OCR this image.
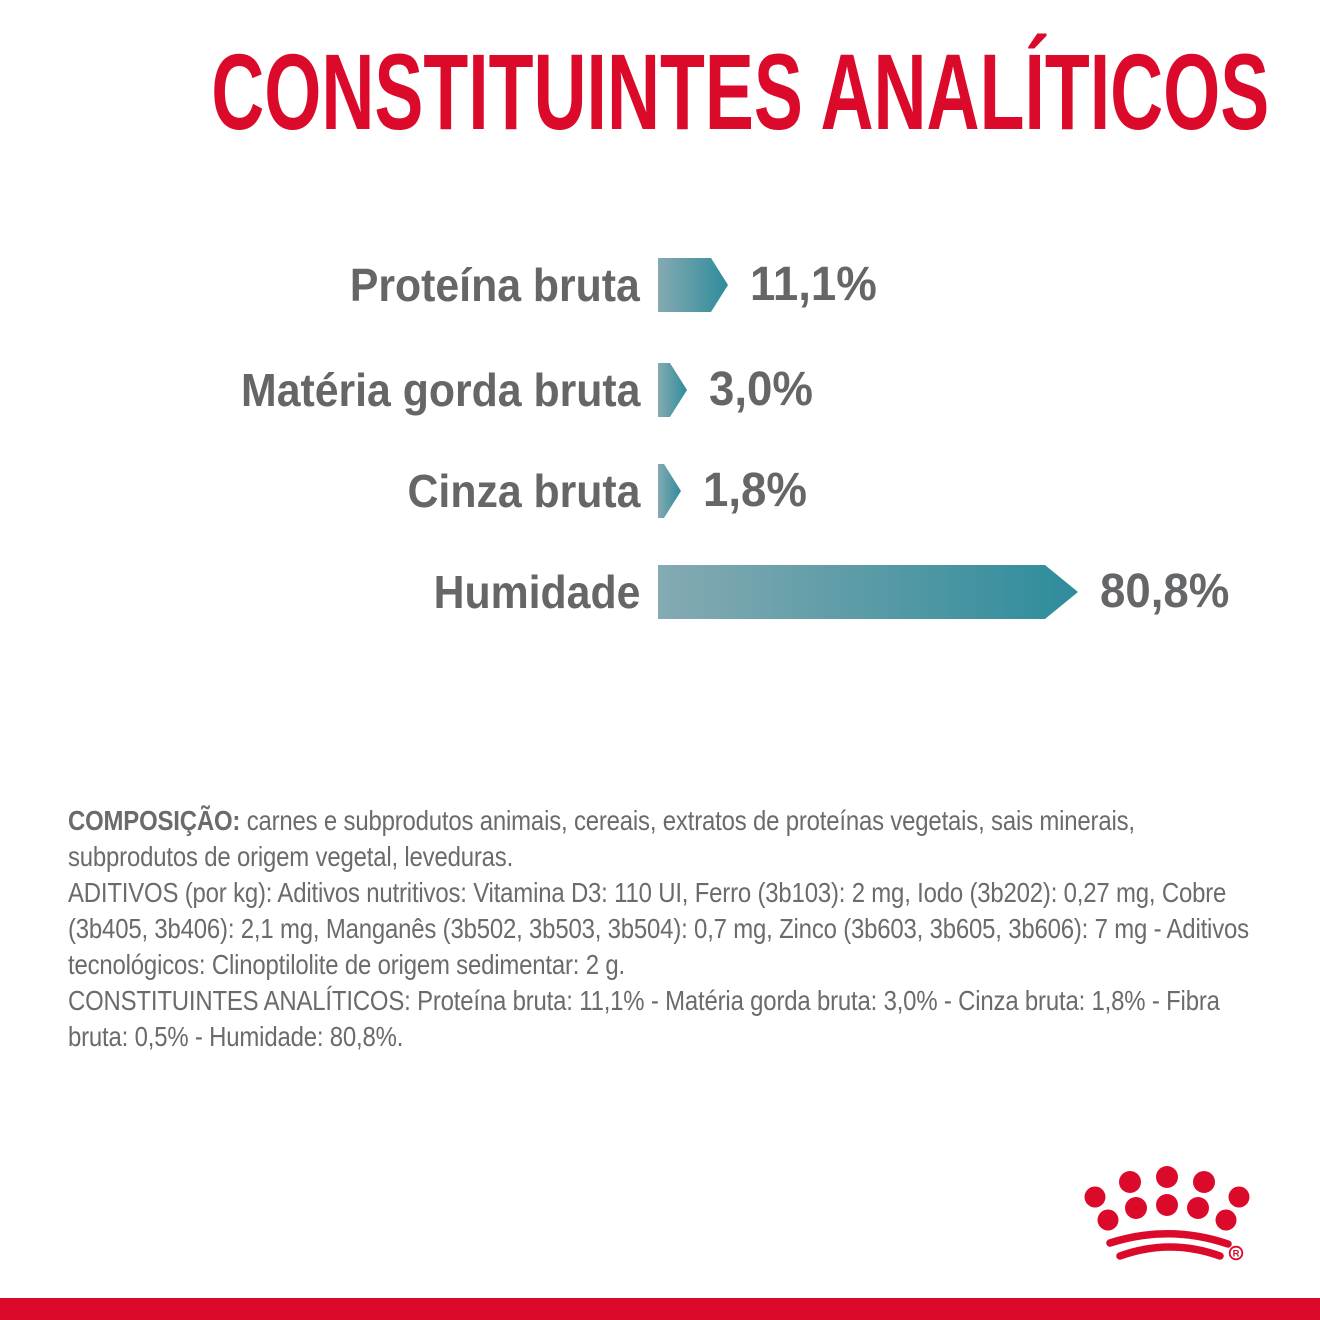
CONSTITUINTES ANALÍTICOS
Proteína bruta 11,1%
Matéria gorda bruta 3,0%
Cinza bruta 1,8%
Humidade	80,8%
COMPOSIÇÃO: carnes e subprodutos animais, cereais, extratos de proteínas vegetais, sais minerais,
subprodutos de origem vegetal, leveduras.
ADITIVOS (por kg): Aditivos nutritivos: Vitamina D3: 110 UI, Ferro (3b103): 2 mg, Iodo (3b202): 0,27 mg, Cobre
(3b405, 3b406): 2,1 mg, Manganês (3b502, 3b503, 3b504): 0,7 mg, Zinco (3b603, 3b605, 3b606): 7 mg - Aditivos
tecnológicos: Clinoptilolite de origem sedimentar: 2 g.
CONSTITUINTES ANALÍTICOS: Proteína bruta: 11,1% - Matéria gorda bruta: 3,0% - Cinza bruta: 1,8% - Fibra
bruta: 0,5% - Humidade: 80,8%.
R
